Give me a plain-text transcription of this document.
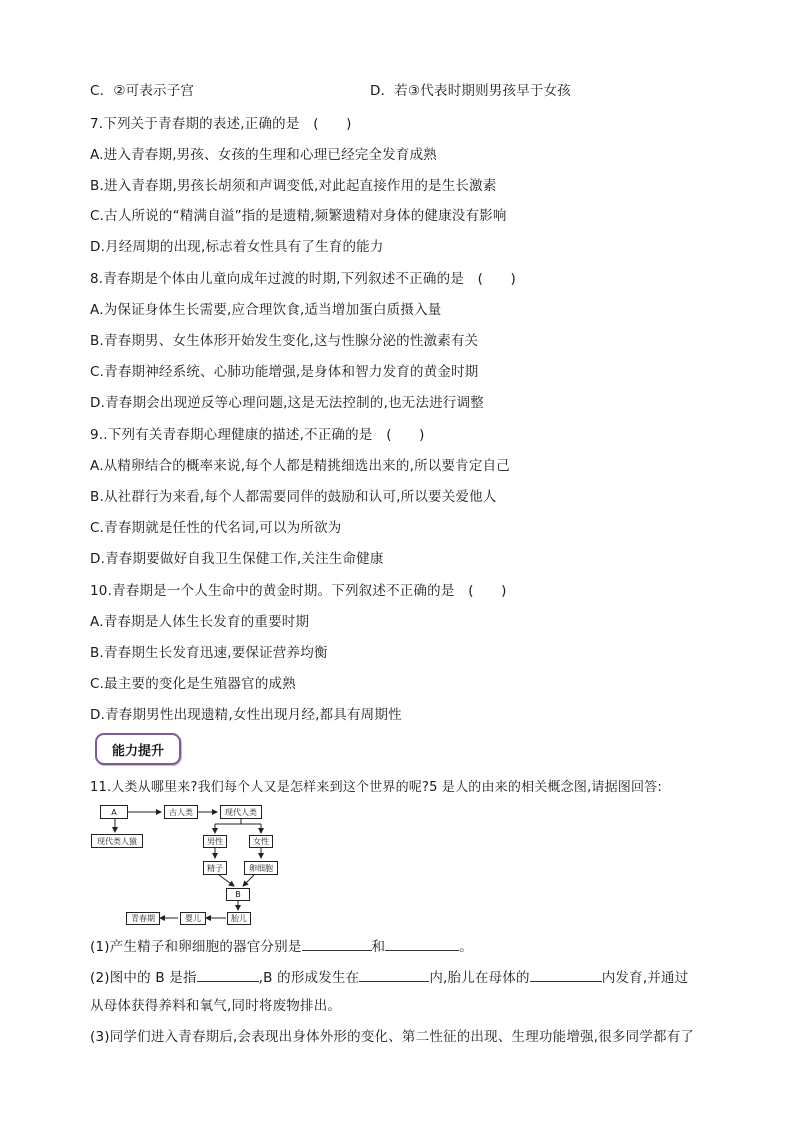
C．②可表示子宫	D．若③代表时期则男孩早于女孩
7.下列关于青春期的表述,正确的是　(　　)
A.进入青春期,男孩、女孩的生理和心理已经完全发育成熟
B.进入青春期,男孩长胡须和声调变低,对此起直接作用的是生长激素
C.古人所说的“精满自溢”指的是遗精,频繁遗精对身体的健康没有影响
D.月经周期的出现,标志着女性具有了生育的能力
8.青春期是个体由儿童向成年过渡的时期,下列叙述不正确的是　(　　)
A.为保证身体生长需要,应合理饮食,适当增加蛋白质摄入量
B.青春期男、女生体形开始发生变化,这与性腺分泌的性激素有关
C.青春期神经系统、心肺功能增强,是身体和智力发育的黄金时期
D.青春期会出现逆反等心理问题,这是无法控制的,也无法进行调整
9..下列有关青春期心理健康的描述,不正确的是　(　　)
A.从精卵结合的概率来说,每个人都是精挑细选出来的,所以要肯定自己
B.从社群行为来看,每个人都需要同伴的鼓励和认可,所以要关爱他人
C.青春期就是任性的代名词,可以为所欲为
D.青春期要做好自我卫生保健工作,关注生命健康
10.青春期是一个人生命中的黄金时期。下列叙述不正确的是　(　　)
A.青春期是人体生长发育的重要时期
B.青春期生长发育迅速,要保证营养均衡
C.最主要的变化是生殖器官的成熟
D.青春期男性出现遗精,女性出现月经,都具有周期性
能力提升
11.人类从哪里来?我们每个人又是怎样来到这个世界的呢?5 是人的由来的相关概念图,请据图回答:
A	古人类	现代人类
现代类人猿	男性	女性
精子	卵细胞
B
胎儿
婴儿
青春期
(1)产生精子和卵细胞的器官分别是	和	。
(2)图中的 B 是指	,B 的形成发生在	内,胎儿在母体的	内发育,并通过
从母体获得养料和氧气,同时将废物排出。
(3)同学们进入青春期后,会表现出身体外形的变化、第二性征的出现、生理功能增强,很多同学都有了
